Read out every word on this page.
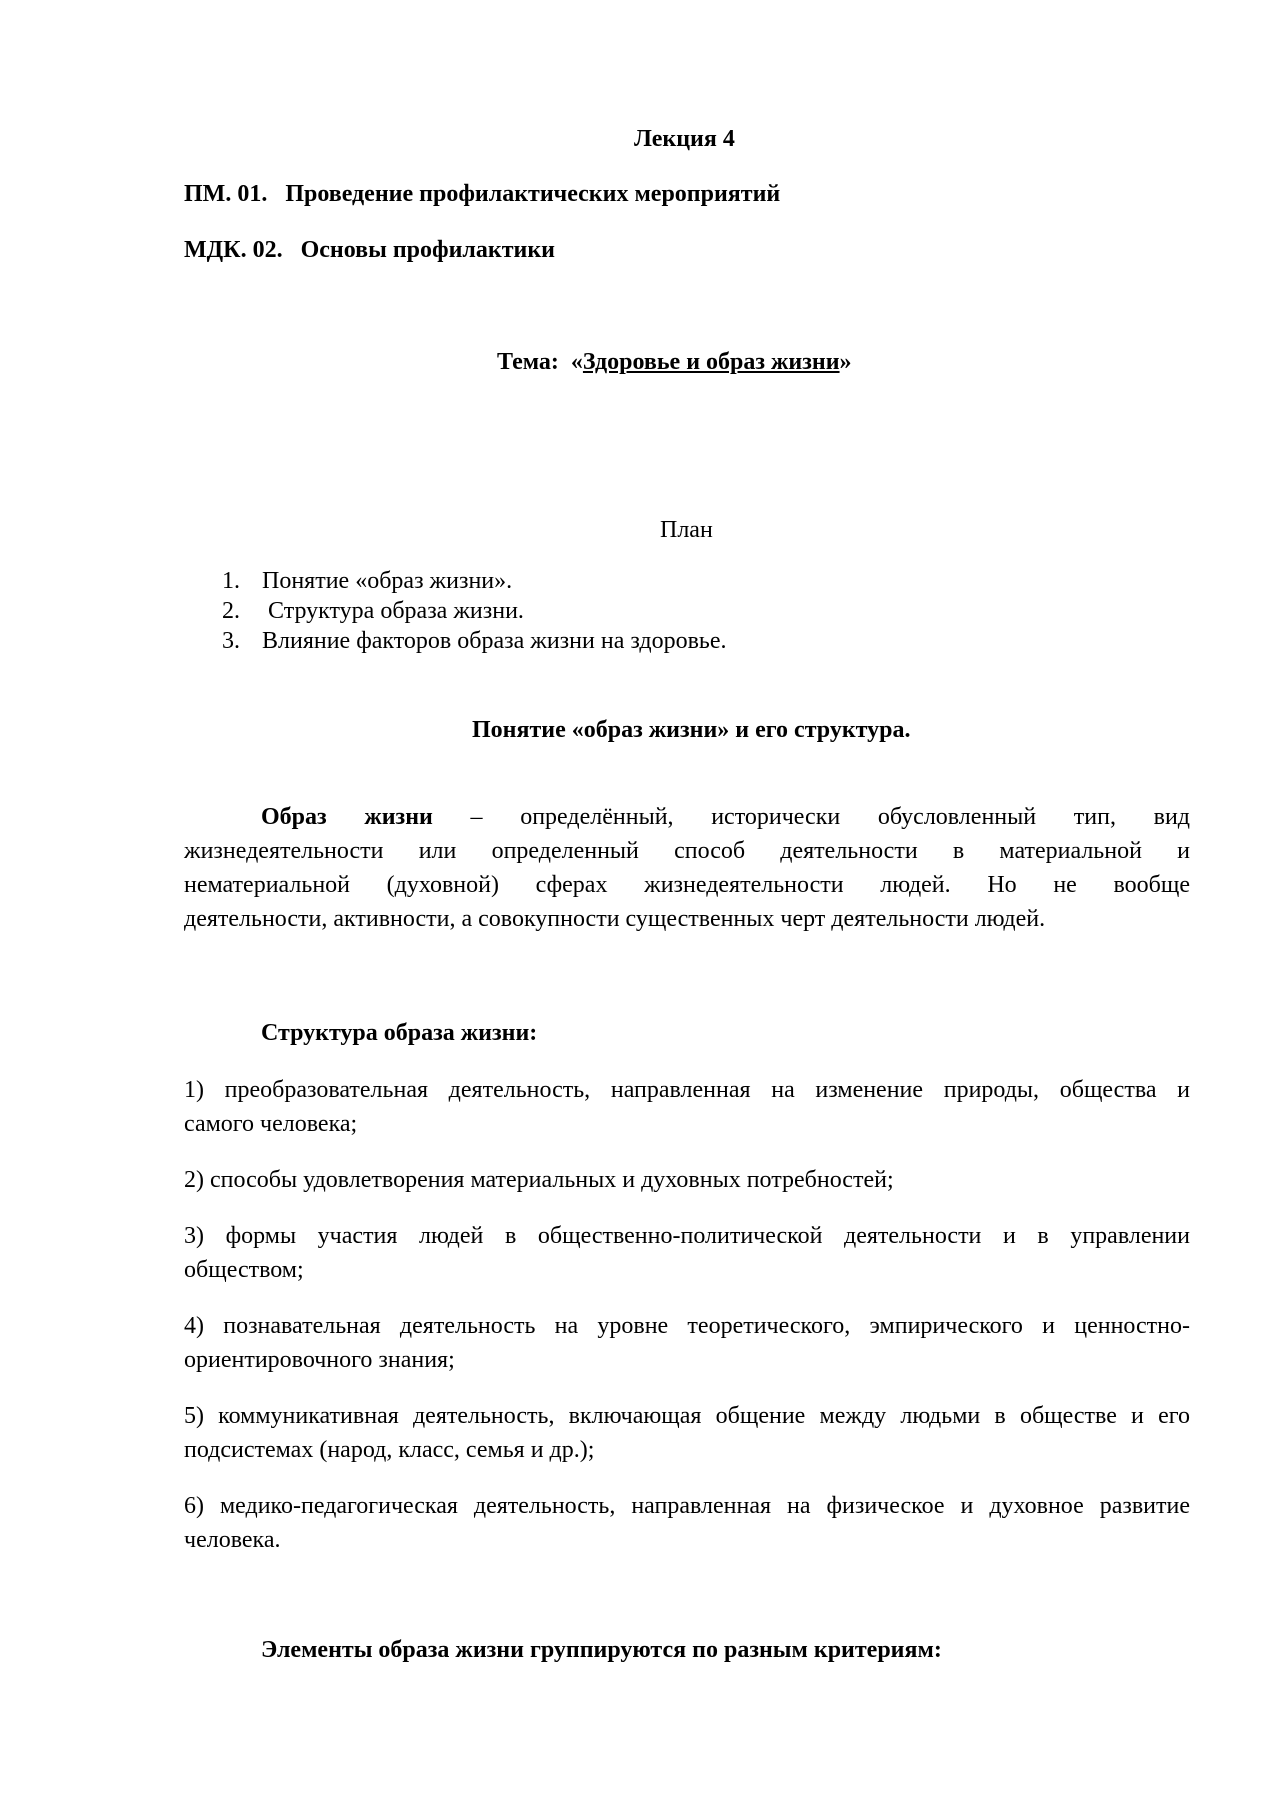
Лекция 4
ПМ. 01.   Проведение профилактических мероприятий
МДК. 02.   Основы профилактики
Тема:  «Здоровье и образ жизни»
План
1. Понятие «образ жизни».
2. Структура образа жизни.
3. Влияние факторов образа жизни на здоровье.
Понятие «образ жизни» и его структура.
Образ жизни – определённый, исторически обусловленный тип, вид
жизнедеятельности или определенный способ деятельности в материальной и
нематериальной (духовной) сферах жизнедеятельности людей. Но не вообще
деятельности, активности, а совокупности существенных черт деятельности людей.
Структура образа жизни:
1) преобразовательная деятельность, направленная на изменение природы, общества и
самого человека;
2) способы удовлетворения материальных и духовных потребностей;
3) формы участия людей в общественно-политической деятельности и в управлении
обществом;
4) познавательная деятельность на уровне теоретического, эмпирического и ценностно-
ориентировочного знания;
5) коммуникативная деятельность, включающая общение между людьми в обществе и его
подсистемах (народ, класс, семья и др.);
6) медико-педагогическая деятельность, направленная на физическое и духовное развитие
человека.
Элементы образа жизни группируются по разным критериям:
